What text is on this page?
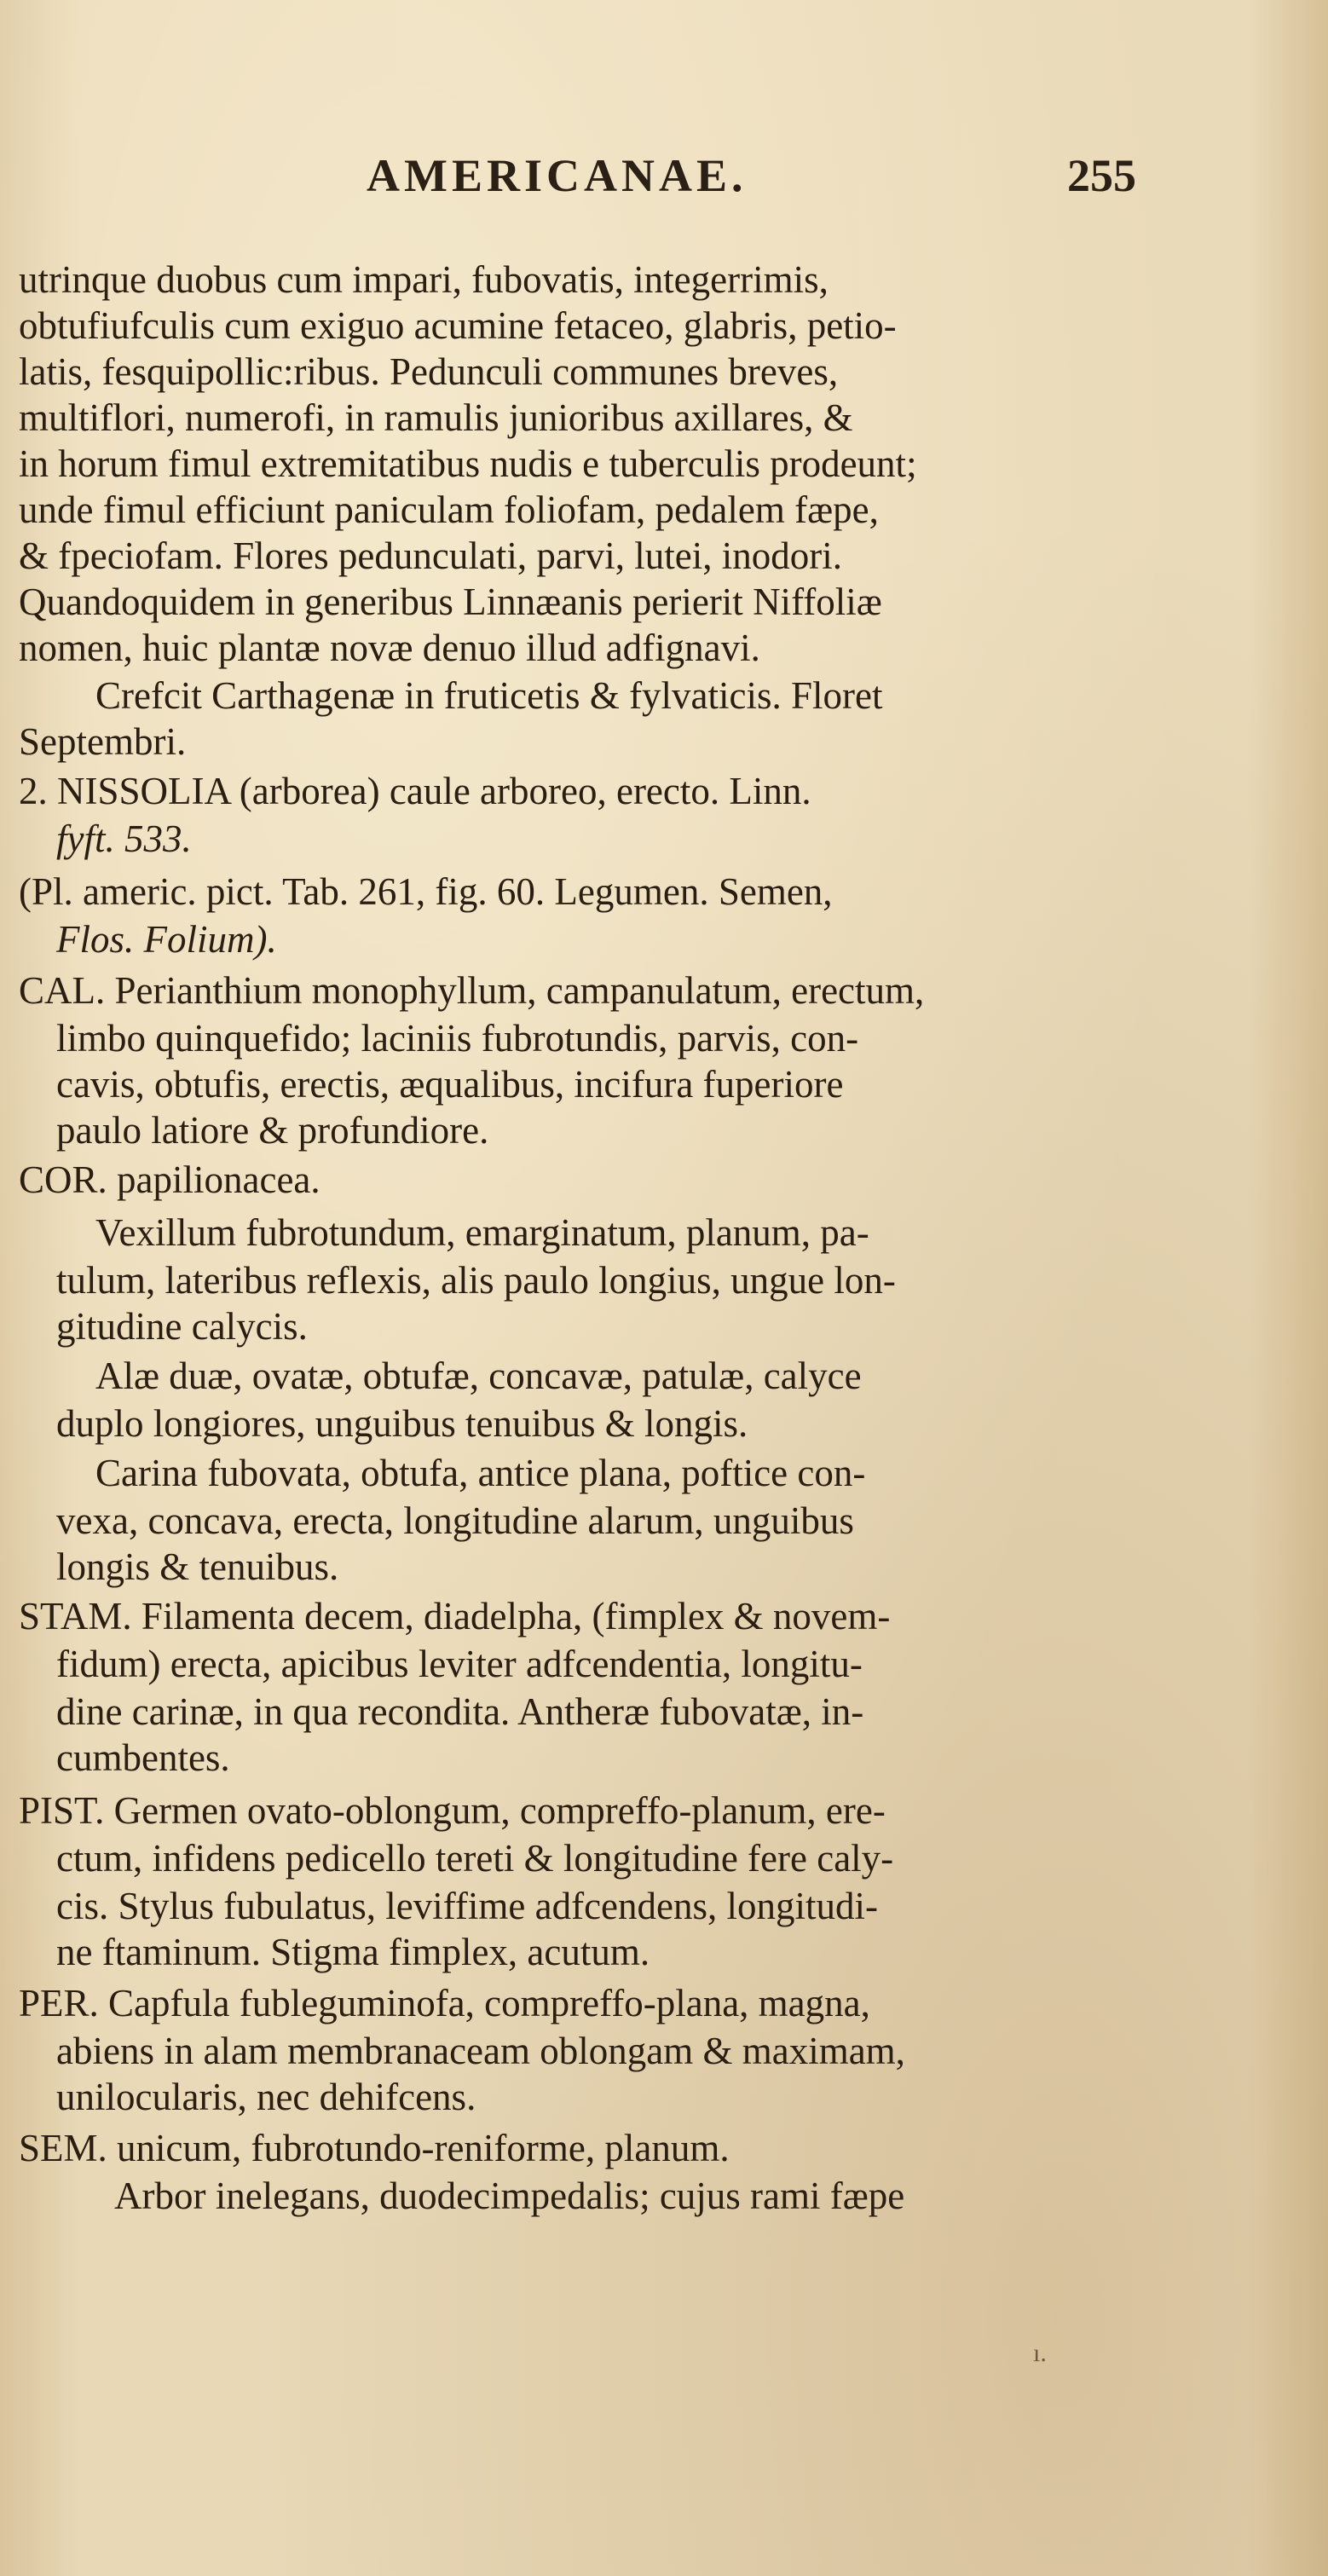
AMERICANAE.	255
utrinque duobus cum impari, fubovatis, integerrimis,
obtufiufculis cum exiguo acumine fetaceo, glabris, petio-
latis, fesquipollic:ribus. Pedunculi communes breves,
multiflori, numerofi, in ramulis junioribus axillares, &
in horum fimul extremitatibus nudis e tuberculis prodeunt;
unde fimul efficiunt paniculam foliofam, pedalem fæpe,
& fpeciofam. Flores pedunculati, parvi, lutei, inodori.
Quandoquidem in generibus Linnæanis perierit Niffoliæ
nomen, huic plantæ novæ denuo illud adfignavi.
Crefcit Carthagenæ in fruticetis & fylvaticis. Floret
Septembri.
2. NISSOLIA (arborea) caule arboreo, erecto. Linn.
fyft. 533.
(Pl. americ. pict. Tab. 261, fig. 60. Legumen. Semen,
Flos. Folium).
CAL. Perianthium monophyllum, campanulatum, erectum,
limbo quinquefido; laciniis fubrotundis, parvis, con-
cavis, obtufis, erectis, æqualibus, incifura fuperiore
paulo latiore & profundiore.
COR. papilionacea.
Vexillum fubrotundum, emarginatum, planum, pa-
tulum, lateribus reflexis, alis paulo longius, ungue lon-
gitudine calycis.
Alæ duæ, ovatæ, obtufæ, concavæ, patulæ, calyce
duplo longiores, unguibus tenuibus & longis.
Carina fubovata, obtufa, antice plana, poftice con-
vexa, concava, erecta, longitudine alarum, unguibus
longis & tenuibus.
STAM. Filamenta decem, diadelpha, (fimplex & novem-
fidum) erecta, apicibus leviter adfcendentia, longitu-
dine carinæ, in qua recondita. Antheræ fubovatæ, in-
cumbentes.
PIST. Germen ovato-oblongum, compreffo-planum, ere-
ctum, infidens pedicello tereti & longitudine fere caly-
cis. Stylus fubulatus, leviffime adfcendens, longitudi-
ne ftaminum. Stigma fimplex, acutum.
PER. Capfula fubleguminofa, compreffo-plana, magna,
abiens in alam membranaceam oblongam & maximam,
unilocularis, nec dehifcens.
SEM. unicum, fubrotundo-reniforme, planum.
Arbor inelegans, duodecimpedalis; cujus rami fæpe
ı.
